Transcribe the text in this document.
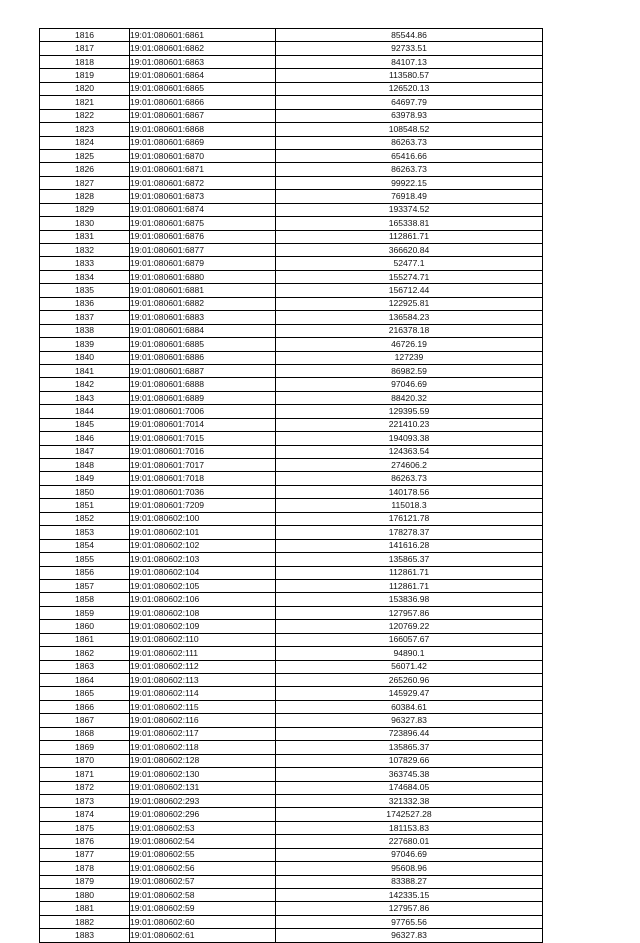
1816	19:01:080601:6861	85544.86
1817	19:01:080601:6862	92733.51
1818	19:01:080601:6863	84107.13
1819	19:01:080601:6864	113580.57
1820	19:01:080601:6865	126520.13
1821	19:01:080601:6866	64697.79
1822	19:01:080601:6867	63978.93
1823	19:01:080601:6868	108548.52
1824	19:01:080601:6869	86263.73
1825	19:01:080601:6870	65416.66
1826	19:01:080601:6871	86263.73
1827	19:01:080601:6872	99922.15
1828	19:01:080601:6873	76918.49
1829	19:01:080601:6874	193374.52
1830	19:01:080601:6875	165338.81
1831	19:01:080601:6876	112861.71
1832	19:01:080601:6877	366620.84
1833	19:01:080601:6879	52477.1
1834	19:01:080601:6880	155274.71
1835	19:01:080601:6881	156712.44
1836	19:01:080601:6882	122925.81
1837	19:01:080601:6883	136584.23
1838	19:01:080601:6884	216378.18
1839	19:01:080601:6885	46726.19
1840	19:01:080601:6886	127239
1841	19:01:080601:6887	86982.59
1842	19:01:080601:6888	97046.69
1843	19:01:080601:6889	88420.32
1844	19:01:080601:7006	129395.59
1845	19:01:080601:7014	221410.23
1846	19:01:080601:7015	194093.38
1847	19:01:080601:7016	124363.54
1848	19:01:080601:7017	274606.2
1849	19:01:080601:7018	86263.73
1850	19:01:080601:7036	140178.56
1851	19:01:080601:7209	115018.3
1852	19:01:080602:100	176121.78
1853	19:01:080602:101	178278.37
1854	19:01:080602:102	141616.28
1855	19:01:080602:103	135865.37
1856	19:01:080602:104	112861.71
1857	19:01:080602:105	112861.71
1858	19:01:080602:106	153836.98
1859	19:01:080602:108	127957.86
1860	19:01:080602:109	120769.22
1861	19:01:080602:110	166057.67
1862	19:01:080602:111	94890.1
1863	19:01:080602:112	56071.42
1864	19:01:080602:113	265260.96
1865	19:01:080602:114	145929.47
1866	19:01:080602:115	60384.61
1867	19:01:080602:116	96327.83
1868	19:01:080602:117	723896.44
1869	19:01:080602:118	135865.37
1870	19:01:080602:128	107829.66
1871	19:01:080602:130	363745.38
1872	19:01:080602:131	174684.05
1873	19:01:080602:293	321332.38
1874	19:01:080602:296	1742527.28
1875	19:01:080602:53	181153.83
1876	19:01:080602:54	227680.01
1877	19:01:080602:55	97046.69
1878	19:01:080602:56	95608.96
1879	19:01:080602:57	83388.27
1880	19:01:080602:58	142335.15
1881	19:01:080602:59	127957.86
1882	19:01:080602:60	97765.56
1883	19:01:080602:61	96327.83
